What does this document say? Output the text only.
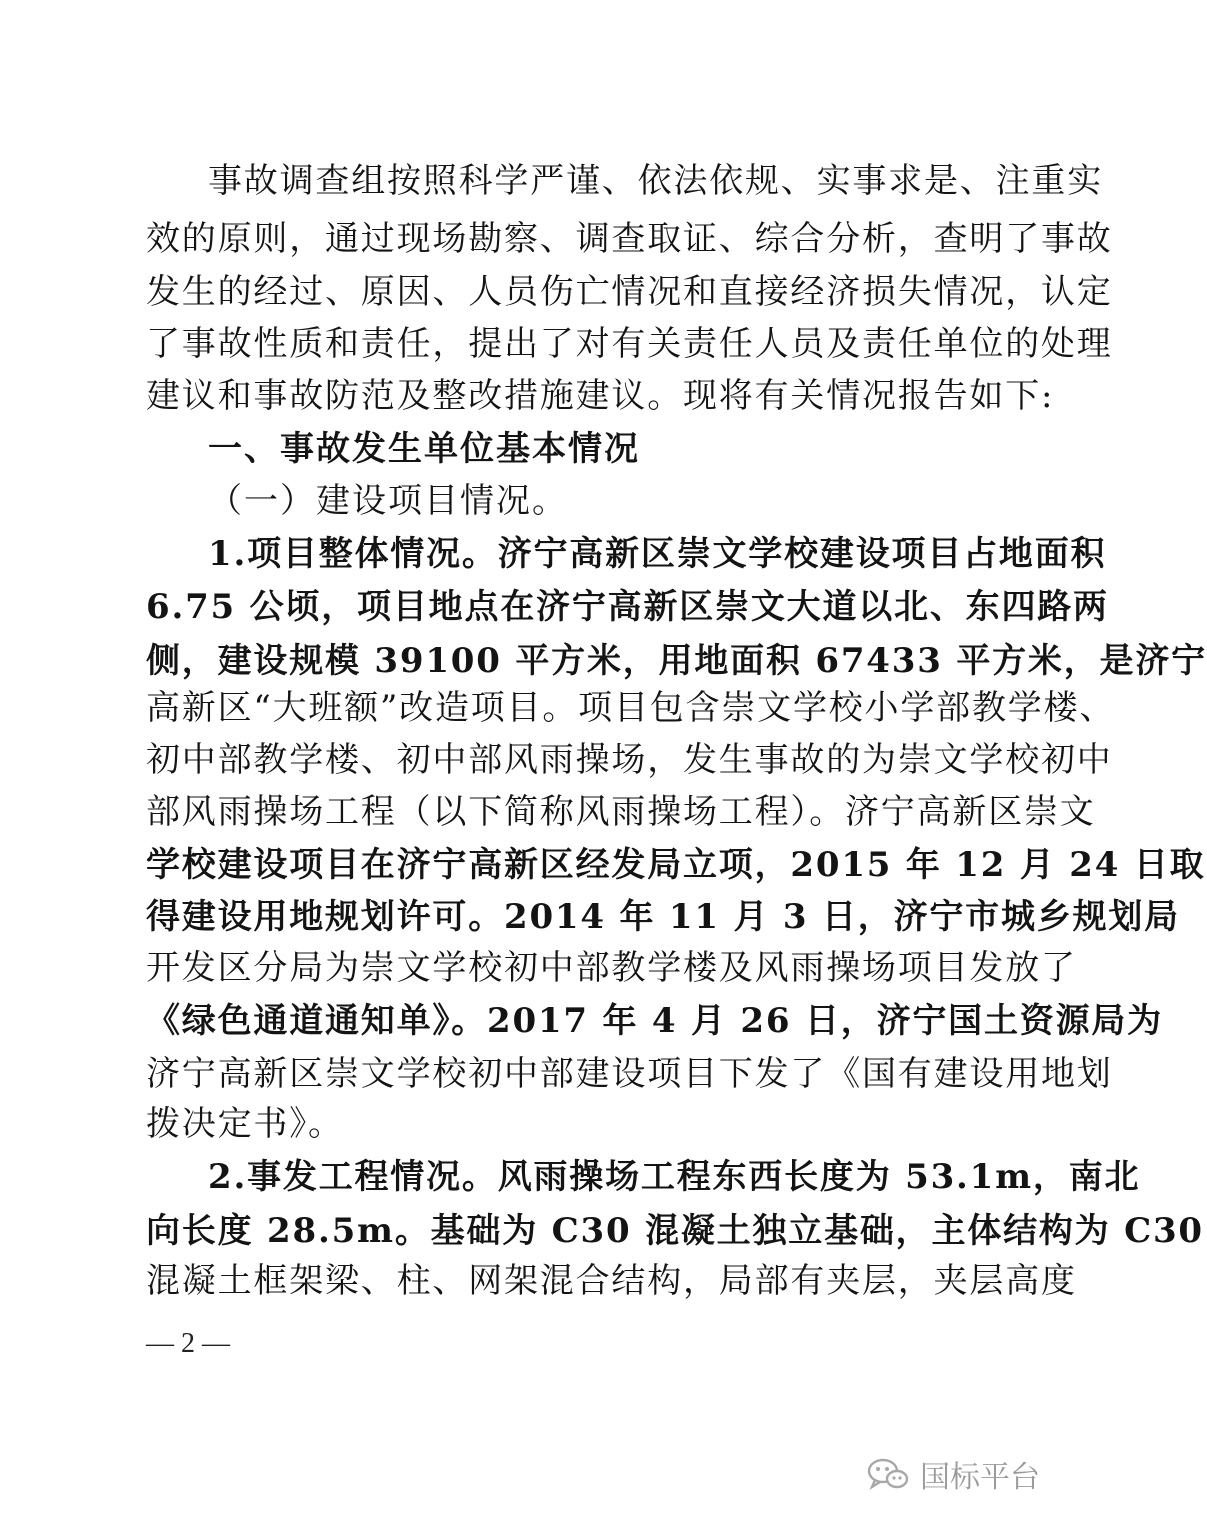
事故调查组按照科学严谨、依法依规、实事求是、注重实
效的原则，通过现场勘察、调查取证、综合分析，查明了事故
发生的经过、原因、人员伤亡情况和直接经济损失情况，认定
了事故性质和责任，提出了对有关责任人员及责任单位的处理
建议和事故防范及整改措施建议。现将有关情况报告如下:
一、事故发生单位基本情况
（一）建设项目情况。
1.项目整体情况。济宁高新区崇文学校建设项目占地面积
6.75 公顷，项目地点在济宁高新区崇文大道以北、东四路两
侧，建设规模 39100 平方米，用地面积 67433 平方米，是济宁
高新区“大班额”改造项目。项目包含崇文学校小学部教学楼、
初中部教学楼、初中部风雨操场，发生事故的为崇文学校初中
部风雨操场工程（以下简称风雨操场工程）。济宁高新区崇文
学校建设项目在济宁高新区经发局立项，2015 年 12 月 24 日取
得建设用地规划许可。2014 年 11 月 3 日，济宁市城乡规划局
开发区分局为崇文学校初中部教学楼及风雨操场项目发放了
《绿色通道通知单》。2017 年 4 月 26 日，济宁国土资源局为
济宁高新区崇文学校初中部建设项目下发了《国有建设用地划
拨决定书》。
2.事发工程情况。风雨操场工程东西长度为 53.1m，南北
向长度 28.5m。基础为 C30 混凝土独立基础，主体结构为 C30
混凝土框架梁、柱、网架混合结构，局部有夹层，夹层高度
— 2 —
国标平台
